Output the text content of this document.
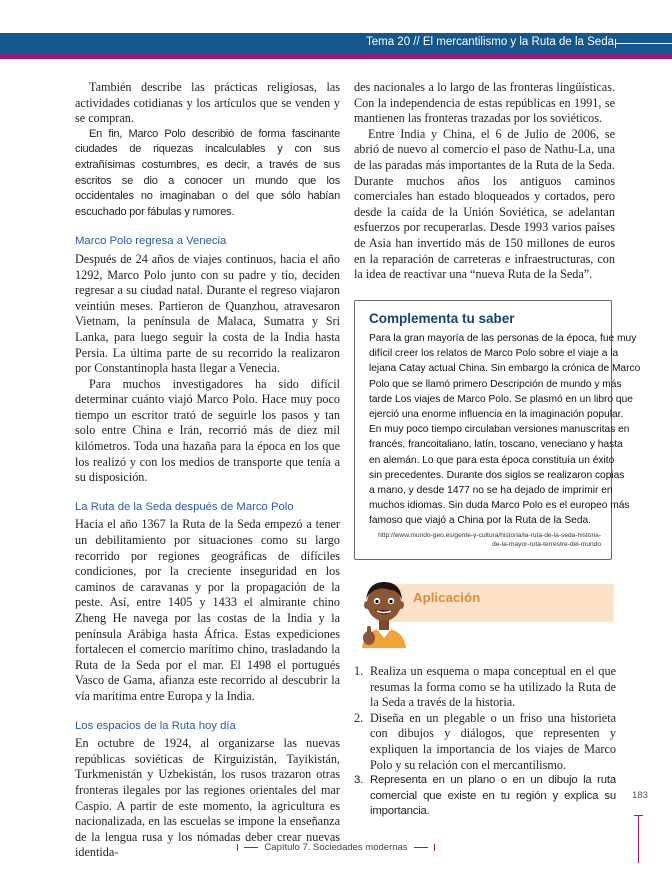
Tema 20 // El mercantilismo y la Ruta de la Seda

También describe las prácticas religiosas, las actividades cotidianas y los artículos que se venden y se compran.

En fin, Marco Polo describió de forma fascinante ciudades de riquezas incalculables y con sus extrañísimas costumbres, es decir, a través de sus escritos se dio a conocer un mundo que los occidentales no imaginaban o del que sólo habían escuchado por fábulas y rumores.

Marco Polo regresa a Venecia

Después de 24 años de viajes continuos, hacia el año 1292, Marco Polo junto con su padre y tío, deciden regresar a su ciudad natal. Durante el regreso viajaron veintiún meses. Partieron de Quanzhou, atravesaron Vietnam, la península de Malaca, Sumatra y Sri Lanka, para luego seguir la costa de la India hasta Persia. La última parte de su recorrido la realizaron por Constantinopla hasta llegar a Venecia.

Para muchos investigadores ha sido difícil determinar cuánto viajó Marco Polo. Hace muy poco tiempo un escritor trató de seguirle los pasos y tan solo entre China e Irán, recorrió más de diez mil kilómetros. Toda una hazaña para la época en los que los realizó y con los medios de transporte que tenía a su disposición.

La Ruta de la Seda después de Marco Polo

Hacia el año 1367 la Ruta de la Seda empezó a tener un debilitamiento por situaciones como su largo recorrido por regiones geográficas de difíciles condiciones, por la creciente inseguridad en los caminos de caravanas y por la propagación de la peste. Así, entre 1405 y 1433 el almirante chino Zheng He navega por las costas de la India y la península Arábiga hasta África. Estas expediciones fortalecen el comercio marítimo chino, trasladando la Ruta de la Seda por el mar. El 1498 el portugués Vasco de Gama, afianza este recorrido al descubrir la vía marítima entre Europa y la India.

Los espacios de la Ruta hoy día

En octubre de 1924, al organizarse las nuevas repúblicas soviéticas de Kirguizistán, Tayikistán, Turkmenistán y Uzbekistán, los rusos trazaron otras fronteras ilegales por las regiones orientales del mar Caspio. A partir de este momento, la agricultura es nacionalizada, en las escuelas se impone la enseñanza de la lengua rusa y los nómadas deber crear nuevas identida-

des nacionales a lo largo de las fronteras lingüísticas. Con la independencia de estas repúblicas en 1991, se mantienen las fronteras trazadas por los soviéticos.

Entre India y China, el 6 de Julio de 2006, se abrió de nuevo al comercio el paso de Nathu-La, una de las paradas más importantes de la Ruta de la Seda. Durante muchos años los antiguos caminos comerciales han estado bloqueados y cortados, pero desde la caída de la Unión Soviética, se adelantan esfuerzos por recuperarlas. Desde 1993 varios países de Asia han invertido más de 150 millones de euros en la reparación de carreteras e infraestructuras, con la idea de reactivar una “nueva Ruta de la Seda”.

Complementa tu saber
Para la gran mayoría de las personas de la época, fue muy
difícil creer los relatos de Marco Polo sobre el viaje a la
lejana Catay actual China. Sin embargo la crónica de Marco
Polo que se llamó primero Descripción de mundo y más
tarde Los viajes de Marco Polo. Se plasmó en un libro que
ejerció una enorme influencia en la imaginación popular.
En muy poco tiempo circulaban versiones manuscritas en
francés, francoitaliano, latín, toscano, veneciano y hasta
en alemán. Lo que para esta época constituía un éxito
sin precedentes. Durante dos siglos se realizaron copias
a mano, y desde 1477 no se ha dejado de imprimir en
muchos idiomas. Sin duda Marco Polo es el europeo más
famoso que viajó a China por la Ruta de la Seda.
http://www.mundo-geo.es/gente-y-cultura/historia/la-ruta-de-la-seda-historia-
de-la-mayor-ruta-terrestre-del-mundo
Aplicación
1. Realiza un esquema o mapa conceptual en el que resumas la forma como se ha utilizado la Ruta de la Seda a través de la historia.
2. Diseña en un plegable o un friso una historieta con dibujos y diálogos, que representen y expliquen la importancia de los viajes de Marco Polo y su relación con el mercantilismo.
3. Representa en un plano o en un dibujo la ruta comercial que existe en tu región y explica su importancia.
183
Capítulo 7. Sociedades modernas
